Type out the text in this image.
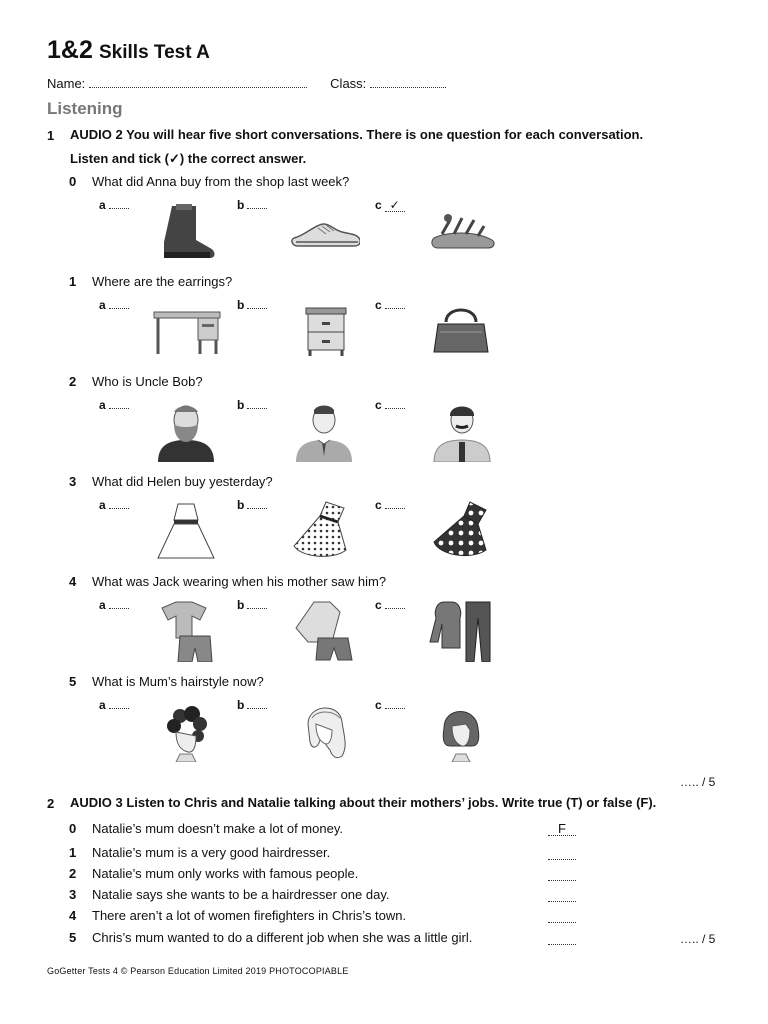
1&2 Skills Test A
Name:	Class:
Listening
1 AUDIO 2 You will hear five short conversations. There is one question for each conversation.
Listen and tick (✓) the correct answer.
0 What did Anna buy from the shop last week?
a	b	c ✓
1 Where are the earrings?
a	b	c
2 Who is Uncle Bob?
a	b	c
3 What did Helen buy yesterday?
a	b	c
4 What was Jack wearing when his mother saw him?
a	b	c
5 What is Mum’s hairstyle now?
a	b	c
….. / 5
2 AUDIO 3 Listen to Chris and Natalie talking about their mothers’ jobs. Write true (T) or false (F).
0 Natalie’s mum doesn’t make a lot of money.	F
1 Natalie’s mum is a very good hairdresser.
2 Natalie’s mum only works with famous people.
3 Natalie says she wants to be a hairdresser one day.
4 There aren’t a lot of women firefighters in Chris’s town.
5 Chris’s mum wanted to do a different job when she was a little girl.	….. / 5
GoGetter Tests 4 © Pearson Education Limited 2019 PHOTOCOPIABLE
